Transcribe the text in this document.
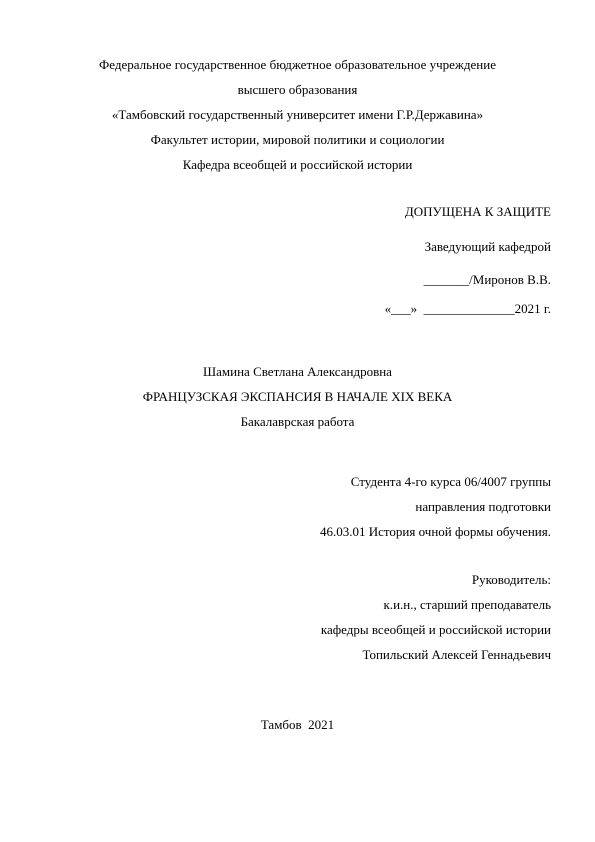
Федеральное государственное бюджетное образовательное учреждение
высшего образования
«Тамбовский государственный университет имени Г.Р.Державина»
Факультет истории, мировой политики и социологии
Кафедра всеобщей и российской истории
ДОПУЩЕНА К ЗАЩИТЕ
Заведующий кафедрой
_______/Миронов В.В.
«___»  ______________2021 г.
Шамина Светлана Александровна
ФРАНЦУЗСКАЯ ЭКСПАНСИЯ В НАЧАЛЕ XIX ВЕКА
Бакалаврская работа
Студента 4-го курса 06/4007 группы
направления подготовки
46.03.01 История очной формы обучения.
Руководитель:
к.и.н., старший преподаватель
кафедры всеобщей и российской истории
Топильский Алексей Геннадьевич
Тамбов  2021
